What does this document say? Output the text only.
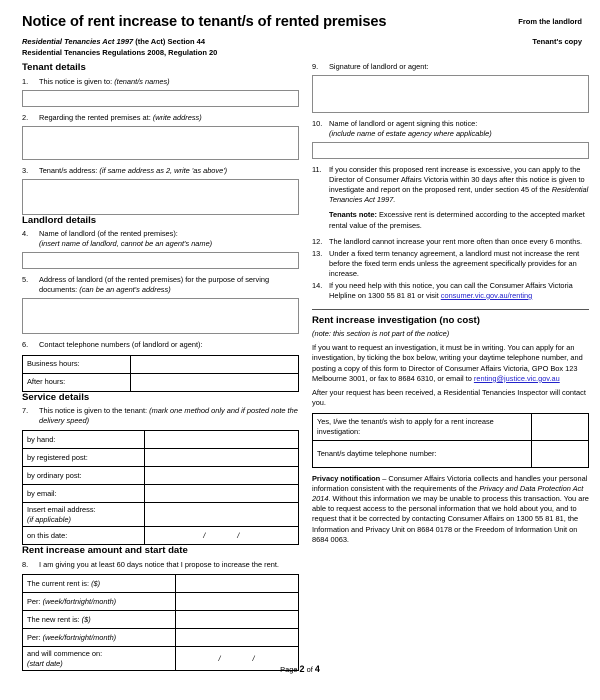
Notice of rent increase to tenant/s of rented premises	From the landlord
Residential Tenancies Act 1997 (the Act) Section 44
Residential Tenancies Regulations 2008, Regulation 20
Tenant's copy
Tenant details
1.	This notice is given to: (tenant/s names)
2.	Regarding the rented premises at: (write address)
3.	Tenant/s address: (if same address as 2, write 'as above')
Landlord details
4.	Name of landlord (of the rented premises):
(insert name of landlord, cannot be an agent's name)
5.	Address of landlord (of the rented premises) for the purpose of serving documents: (can be an agent's address)
6.	Contact telephone numbers (of landlord or agent):
Business hours:	
After hours:	
Service details
7.	This notice is given to the tenant: (mark one method only and if posted note the delivery speed)
by hand:	
by registered post:	
by ordinary post:	
by email:	
Insert email address:
(if applicable)	
on this date:	/ /
Rent increase amount and start date
8.	I am giving you at least 60 days notice that I propose to increase the rent.
The current rent is: ($)	
Per: (week/fortnight/month)	
The new rent is: ($)	
Per: (week/fortnight/month)	
and will commence on:
(start date)	/ /
9.	Signature of landlord or agent:
10. Name of landlord or agent signing this notice:
(include name of estate agency where applicable)
11. If you consider this proposed rent increase is excessive, you can apply to the Director of Consumer Affairs Victoria within 30 days after this notice is given to investigate and report on the proposed rent, under section 45 of the Residential Tenancies Act 1997.
Tenants note: Excessive rent is determined according to the accepted market rental value of the premises.
12. The landlord cannot increase your rent more often than once every 6 months.
13. Under a fixed term tenancy agreement, a landlord must not increase the rent before the fixed term ends unless the agreement specifically provides for an increase.
14. If you need help with this notice, you can call the Consumer Affairs Victoria Helpline on 1300 55 81 81 or visit consumer.vic.gov.au/renting
Rent increase investigation (no cost)
(note: this section is not part of the notice)
If you want to request an investigation, it must be in writing. You can apply for an investigation, by ticking the box below, writing your daytime telephone number, and posting a copy of this form to Director of Consumer Affairs Victoria, GPO Box 123 Melbourne 3001, or fax to 8684 6310, or email to renting@justice.vic.gov.au
After your request has been received, a Residential Tenancies Inspector will contact you.
Yes, I/we the tenant/s wish to apply for a rent increase investigation:	
Tenant/s daytime telephone number:	
Privacy notification – Consumer Affairs Victoria collects and handles your personal information consistent with the requirements of the Privacy and Data Protection Act 2014. Without this information we may be unable to process this transaction. You are able to request access to the personal information that we hold about you, and to request that it be corrected by contacting Consumer Affairs on 1300 55 81 81, the Information and Privacy Unit on 8684 0178 or the Freedom of Information Unit on 8684 0063.
Page 2 of 4
